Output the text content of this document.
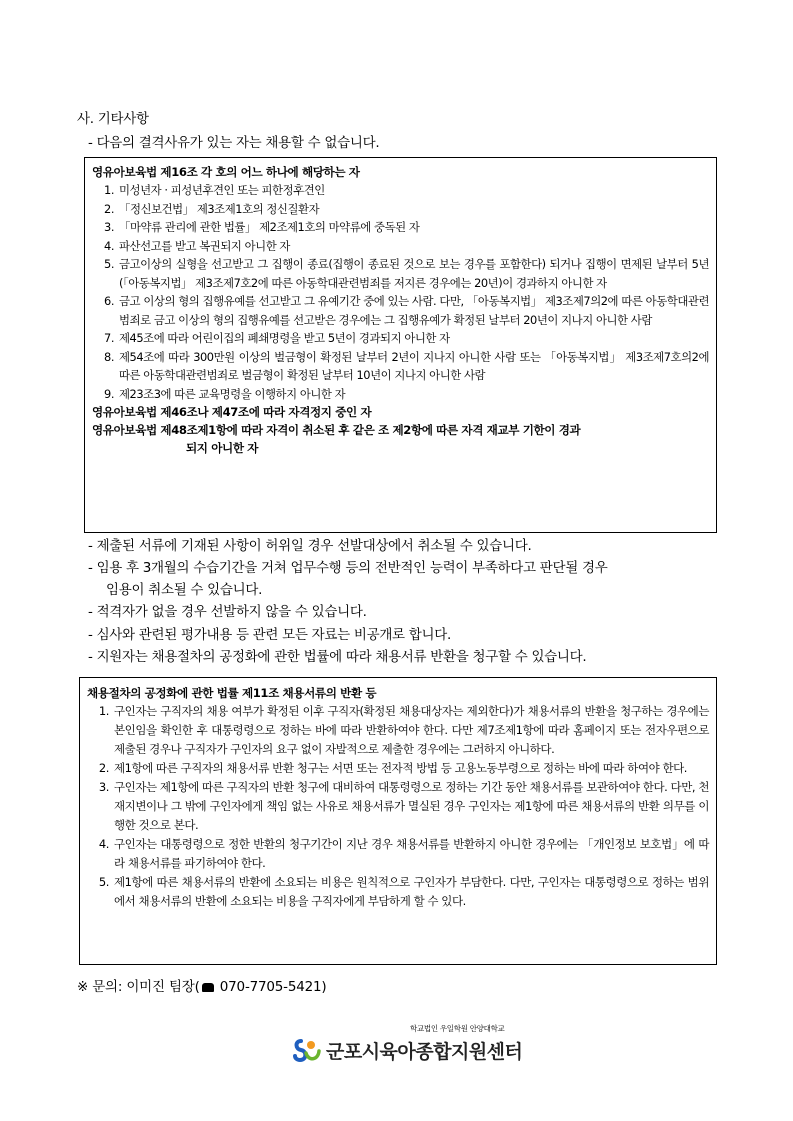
사. 기타사항
- 다음의 결격사유가 있는 자는 채용할 수 없습니다.
영유아보육법 제16조 각 호의 어느 하나에 해당하는 자
1. 미성년자 · 피성년후견인 또는 피한정후견인
2. 「정신보건법」 제3조제1호의 정신질환자
3. 「마약류 관리에 관한 법률」 제2조제1호의 마약류에 중독된 자
4. 파산선고를 받고 복권되지 아니한 자
5. 금고이상의 실형을 선고받고 그 집행이 종료(집행이 종료된 것으로 보는 경우를 포함한다) 되거나 집행이 면제된 날부터 5년(「아동복지법」 제3조제7호2에 따른 아동학대관련범죄를 저지른 경우에는 20년)이 경과하지 아니한 자
6. 금고 이상의 형의 집행유예를 선고받고 그 유예기간 중에 있는 사람. 다만, 「아동복지법」 제3조제7의2에 따른 아동학대관련범죄로 금고 이상의 형의 집행유예를 선고받은 경우에는 그 집행유예가 확정된 날부터 20년이 지나지 아니한 사람
7. 제45조에 따라 어린이집의 폐쇄명령을 받고 5년이 경과되지 아니한 자
8. 제54조에 따라 300만원 이상의 벌금형이 확정된 날부터 2년이 지나지 아니한 사람 또는 「아동복지법」 제3조제7호의2에 따른 아동학대관련범죄로 벌금형이 확정된 날부터 10년이 지나지 아니한 사람
9. 제23조3에 따른 교육명령을 이행하지 아니한 자
영유아보육법 제46조나 제47조에 따라 자격정지 중인 자
영유아보육법 제48조제1항에 따라 자격이 취소된 후 같은 조 제2항에 따른 자격 재교부 기한이 경과
되지 아니한 자
- 제출된 서류에 기재된 사항이 허위일 경우 선발대상에서 취소될 수 있습니다.
- 임용 후 3개월의 수습기간을 거쳐 업무수행 등의 전반적인 능력이 부족하다고 판단될 경우
임용이 취소될 수 있습니다.
- 적격자가 없을 경우 선발하지 않을 수 있습니다.
- 심사와 관련된 평가내용 등 관련 모든 자료는 비공개로 합니다.
- 지원자는 채용절차의 공정화에 관한 법률에 따라 채용서류 반환을 청구할 수 있습니다.
채용절차의 공정화에 관한 법률 제11조 채용서류의 반환 등
1. 구인자는 구직자의 채용 여부가 확정된 이후 구직자(확정된 채용대상자는 제외한다)가 채용서류의 반환을 청구하는 경우에는 본인임을 확인한 후 대통령령으로 정하는 바에 따라 반환하여야 한다. 다만 제7조제1항에 따라 홈페이지 또는 전자우편으로 제출된 경우나 구직자가 구인자의 요구 없이 자발적으로 제출한 경우에는 그러하지 아니하다.
2. 제1항에 따른 구직자의 채용서류 반환 청구는 서면 또는 전자적 방법 등 고용노동부령으로 정하는 바에 따라 하여야 한다.
3. 구인자는 제1항에 따른 구직자의 반환 청구에 대비하여 대통령령으로 정하는 기간 동안 채용서류를 보관하여야 한다. 다만, 천재지변이나 그 밖에 구인자에게 책임 없는 사유로 채용서류가 멸실된 경우 구인자는 제1항에 따른 채용서류의 반환 의무를 이행한 것으로 본다.
4. 구인자는 대통령령으로 정한 반환의 청구기간이 지난 경우 채용서류를 반환하지 아니한 경우에는 「개인정보 보호법」에 따라 채용서류를 파기하여야 한다.
5. 제1항에 따른 채용서류의 반환에 소요되는 비용은 원칙적으로 구인자가 부담한다. 다만, 구인자는 대통령령으로 정하는 범위에서 채용서류의 반환에 소요되는 비용을 구직자에게 부담하게 할 수 있다.
※ 문의: 이미진 팀장( 070-7705-5421)
학교법인 우일학원 안양대학교
군포시육아종합지원센터
